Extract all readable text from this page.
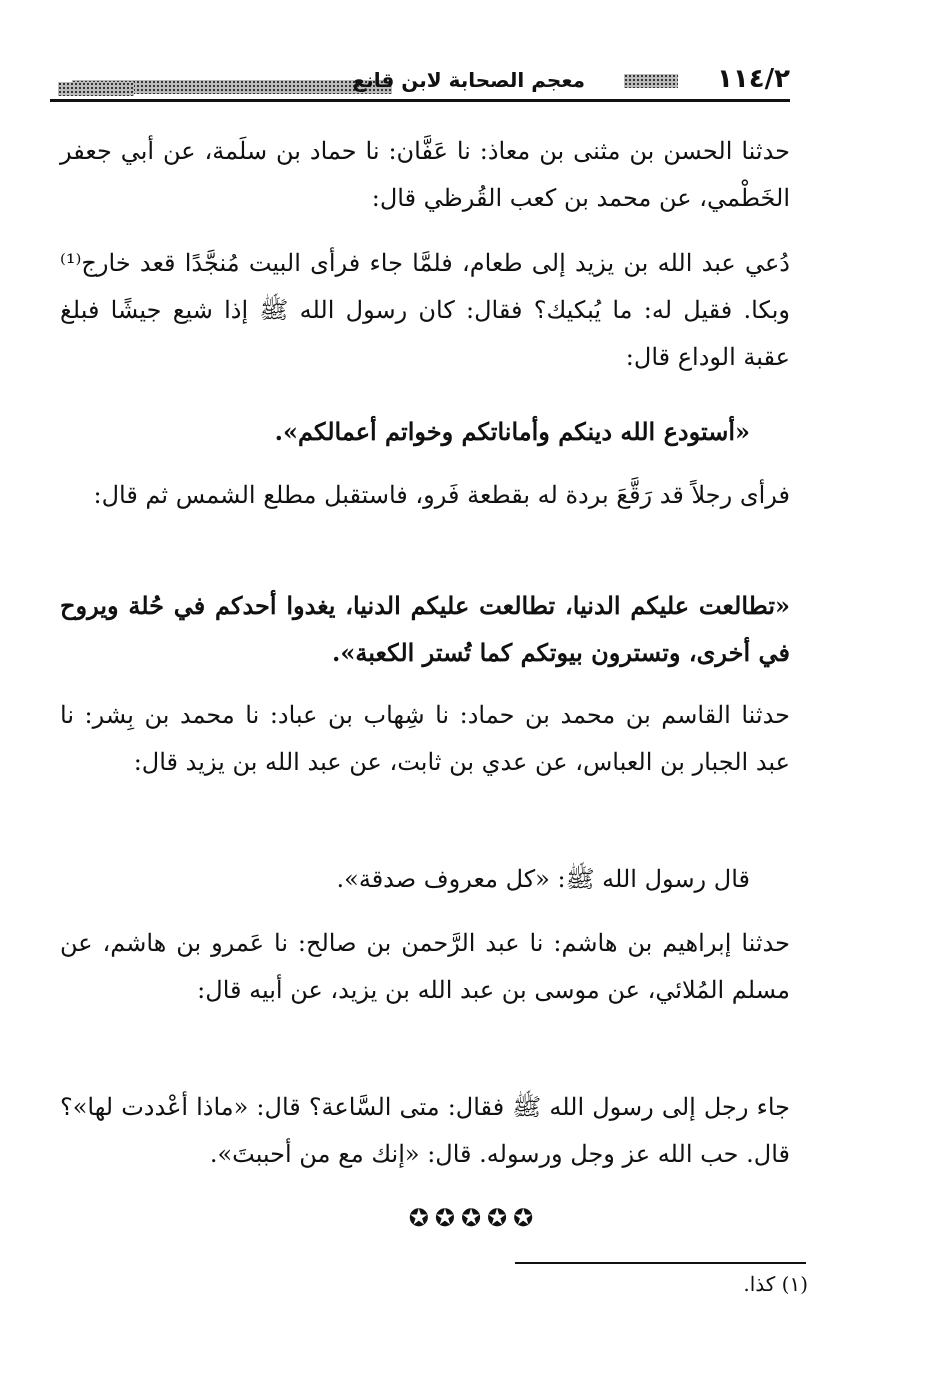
١١٤/٢
معجم الصحابة لابن قانع
حدثنا الحسن بن مثنى بن معاذ: نا عَفَّان: نا حماد بن سلَمة، عن أبي جعفر الخَطْمي، عن محمد بن كعب القُرظي قال:
دُعي عبد الله بن يزيد إلى طعام، فلمَّا جاء فرأى البيت مُنجَّدًا قعد خارج⁽¹⁾ وبكا. فقيل له: ما يُبكيك؟ فقال: كان رسول الله ﷺ إذا شيع جيشًا فبلغ عقبة الوداع قال:
«أستودع الله دينكم وأماناتكم وخواتم أعمالكم».
فرأى رجلاً قد رَقَّعَ بردة له بقطعة فَرو، فاستقبل مطلع الشمس ثم قال:
«تطالعت عليكم الدنيا، تطالعت عليكم الدنيا، يغدوا أحدكم في حُلة ويروح في أخرى، وتسترون بيوتكم كما تُستر الكعبة».
حدثنا القاسم بن محمد بن حماد: نا شِهاب بن عباد: نا محمد بن بِشر: نا عبد الجبار بن العباس، عن عدي بن ثابت، عن عبد الله بن يزيد قال:
قال رسول الله ﷺ: «كل معروف صدقة».
حدثنا إبراهيم بن هاشم: نا عبد الرَّحمن بن صالح: نا عَمرو بن هاشم، عن مسلم المُلائي، عن موسى بن عبد الله بن يزيد، عن أبيه قال:
جاء رجل إلى رسول الله ﷺ فقال: متى السَّاعة؟ قال: «ماذا أعْددت لها»؟ قال. حب الله عز وجل ورسوله. قال: «إنك مع من أحببتَ».
✪✪✪✪✪
(١) كذا.
